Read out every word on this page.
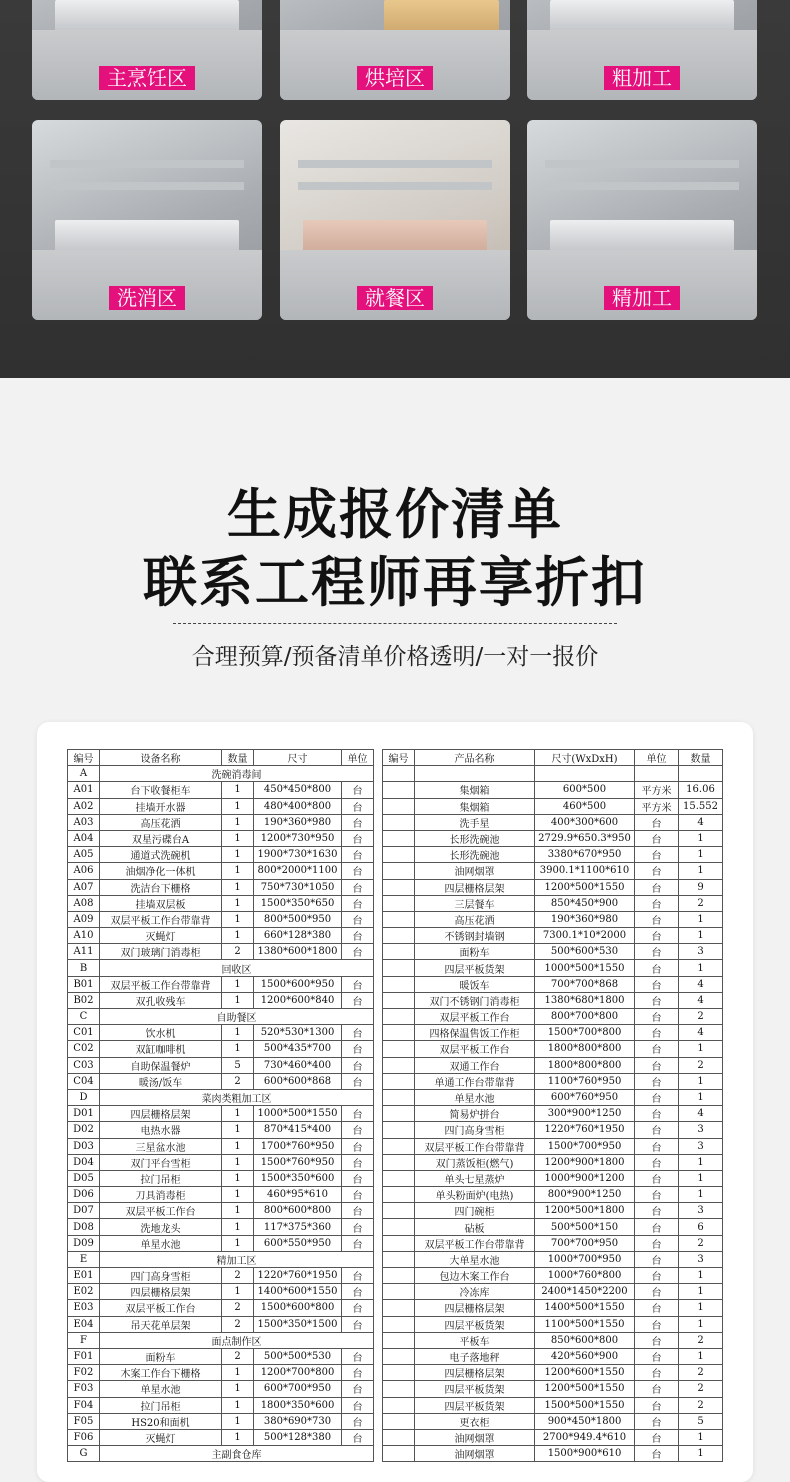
主烹饪区	烘培区	粗加工
洗消区	就餐区	精加工
生成报价清单
联系工程师再享折扣
合理预算/预备清单价格透明/一对一报价
编号	设备名称	数量	尺寸	单位
A	洗碗消毒间			
A01	台下收餐柜车	1	450*450*800	台
A02	挂墙开水器	1	480*400*800	台
A03	高压花洒	1	190*360*980	台
A04	双星污碟台A	1	1200*730*950	台
A05	通道式洗碗机	1	1900*730*1630	台
A06	油烟净化一体机	1	800*2000*1100	台
A07	洗洁台下栅格	1	750*730*1050	台
A08	挂墙双层板	1	1500*350*650	台
A09	双层平板工作台带靠背	1	800*500*950	台
A10	灭蝇灯	1	660*128*380	台
A11	双门玻璃门消毒柜	2	1380*600*1800	台
B	回收区			
B01	双层平板工作台带靠背	1	1500*600*950	台
B02	双孔收残车	1	1200*600*840	台
C	自助餐区			
C01	饮水机	1	520*530*1300	台
C02	双缸咖啡机	1	500*435*700	台
C03	自助保温餐炉	5	730*460*400	台
C04	暖汤/饭车	2	600*600*868	台
D	菜肉类粗加工区			
D01	四层栅格层架	1	1000*500*1550	台
D02	电热水器	1	870*415*400	台
D03	三星盆水池	1	1700*760*950	台
D04	双门平台雪柜	1	1500*760*950	台
D05	拉门吊柜	1	1500*350*600	台
D06	刀具消毒柜	1	460*95*610	台
D07	双层平板工作台	1	800*600*800	台
D08	洗地龙头	1	117*375*360	台
D09	单星水池	1	600*550*950	台
E	精加工区			
E01	四门高身雪柜	2	1220*760*1950	台
E02	四层栅格层架	1	1400*600*1550	台
E03	双层平板工作台	2	1500*600*800	台
E04	吊天花单层架	2	1500*350*1500	台
F	面点制作区			
F01	面粉车	2	500*500*530	台
F02	木案工作台下栅格	1	1200*700*800	台
F03	单星水池	1	600*700*950	台
F04	拉门吊柜	1	1800*350*600	台
F05	HS20和面机	1	380*690*730	台
F06	灭蝇灯	1	500*128*380	台
G	主副食仓库			
编号	产品名称	尺寸(WxDxH)	单位	数量

	集烟箱	600*500	平方米	16.06
	集烟箱	460*500	平方米	15.552
	洗手星	400*300*600	台	4
	长形洗碗池	2729.9*650.3*950	台	1
	长形洗碗池	3380*670*950	台	1
	油网烟罩	3900.1*1100*610	台	1
	四层栅格层架	1200*500*1550	台	9
	三层餐车	850*450*900	台	2
	高压花洒	190*360*980	台	1
	不锈钢封墙钢	7300.1*10*2000	台	1
	面粉车	500*600*530	台	3
	四层平板货架	1000*500*1550	台	1
	暖饭车	700*700*868	台	4
	双门不锈钢门消毒柜	1380*680*1800	台	4
	双层平板工作台	800*700*800	台	2
	四格保温售饭工作柜	1500*700*800	台	4
	双层平板工作台	1800*800*800	台	1
	双通工作台	1800*800*800	台	2
	单通工作台带靠背	1100*760*950	台	1
	单星水池	600*760*950	台	1
	简易炉拼台	300*900*1250	台	4
	四门高身雪柜	1220*760*1950	台	3
	双层平板工作台带靠背	1500*700*950	台	3
	双门蒸饭柜(燃气)	1200*900*1800	台	1
	单头七星蒸炉	1000*900*1200	台	1
	单头粉面炉(电热)	800*900*1250	台	1
	四门碗柜	1200*500*1800	台	3
	砧板	500*500*150	台	6
	双层平板工作台带靠背	700*700*950	台	2
	大单星水池	1000*700*950	台	3
	包边木案工作台	1000*760*800	台	1
	冷冻库	2400*1450*2200	台	1
	四层栅格层架	1400*500*1550	台	1
	四层平板货架	1100*500*1550	台	1
	平板车	850*600*800	台	2
	电子落地秤	420*560*900	台	1
	四层栅格层架	1200*600*1550	台	2
	四层平板货架	1200*500*1550	台	2
	四层平板货架	1500*500*1550	台	2
	更衣柜	900*450*1800	台	5
	油网烟罩	2700*949.4*610	台	1
	油网烟罩	1500*900*610	台	1
